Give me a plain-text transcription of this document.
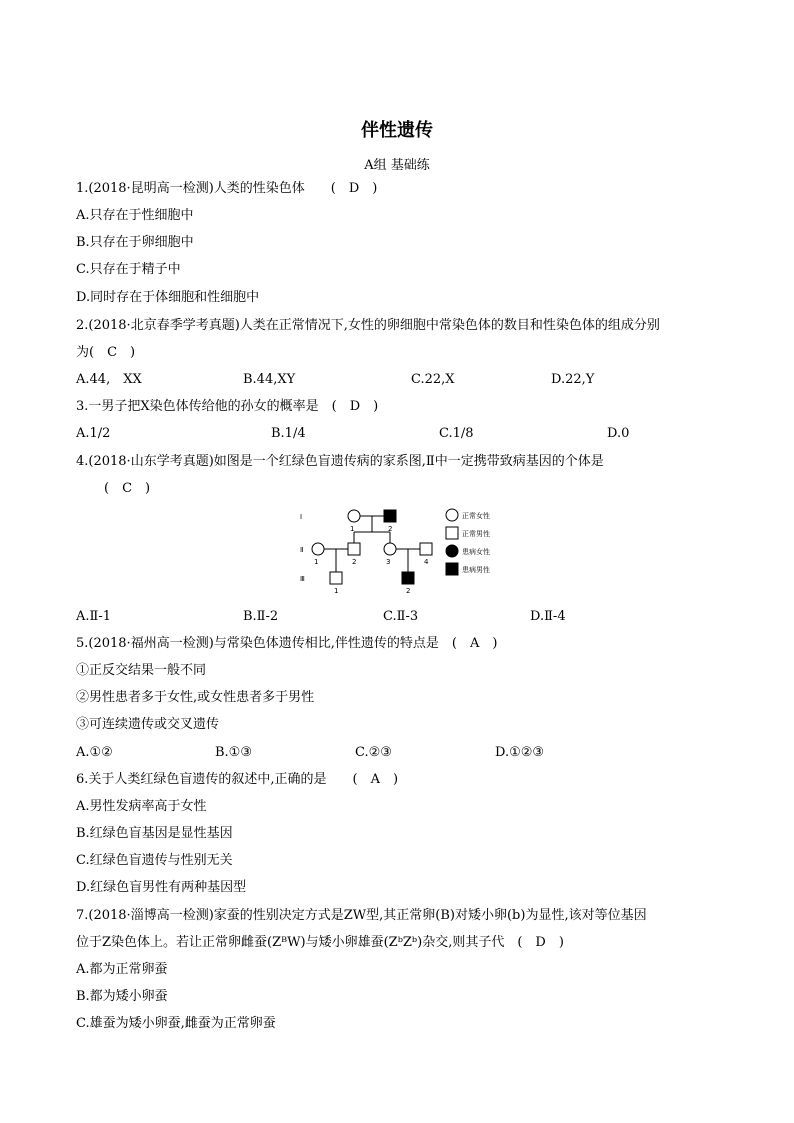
伴性遗传
A组 基础练
1.(2018·昆明高一检测)人类的性染色体　　(　D　)
A.只存在于性细胞中
B.只存在于卵细胞中
C.只存在于精子中
D.同时存在于体细胞和性细胞中
2.(2018·北京春季学考真题)人类在正常情况下,女性的卵细胞中常染色体的数目和性染色体的组成分别
为(　C　)
A.44,　XX	B.44,XY	C.22,X	D.22,Y
3.一男子把X染色体传给他的孙女的概率是　(　D　)
A.1/2	B.1/4	C.1/8	D.0
4.(2018·山东学考真题)如图是一个红绿色盲遗传病的家系图,Ⅱ中一定携带致病基因的个体是
(　C　)
Ⅰ
Ⅱ
Ⅲ
1	2
1	2	3	4
1	2
正常女性
正常男性
患病女性
患病男性
A.Ⅱ-1	B.Ⅱ-2	C.Ⅱ-3	D.Ⅱ-4
5.(2018·福州高一检测)与常染色体遗传相比,伴性遗传的特点是　(　A　)
①正反交结果一般不同
②男性患者多于女性,或女性患者多于男性
③可连续遗传或交叉遗传
A.①②	B.①③	C.②③	D.①②③
6.关于人类红绿色盲遗传的叙述中,正确的是　　(　A　)
A.男性发病率高于女性
B.红绿色盲基因是显性基因
C.红绿色盲遗传与性别无关
D.红绿色盲男性有两种基因型
7.(2018·淄博高一检测)家蚕的性别决定方式是ZW型,其正常卵(B)对矮小卵(b)为显性,该对等位基因
位于Z染色体上。若让正常卵雌蚕(ZᴮW)与矮小卵雄蚕(ZᵇZᵇ)杂交,则其子代　(　D　)
A.都为正常卵蚕
B.都为矮小卵蚕
C.雄蚕为矮小卵蚕,雌蚕为正常卵蚕
